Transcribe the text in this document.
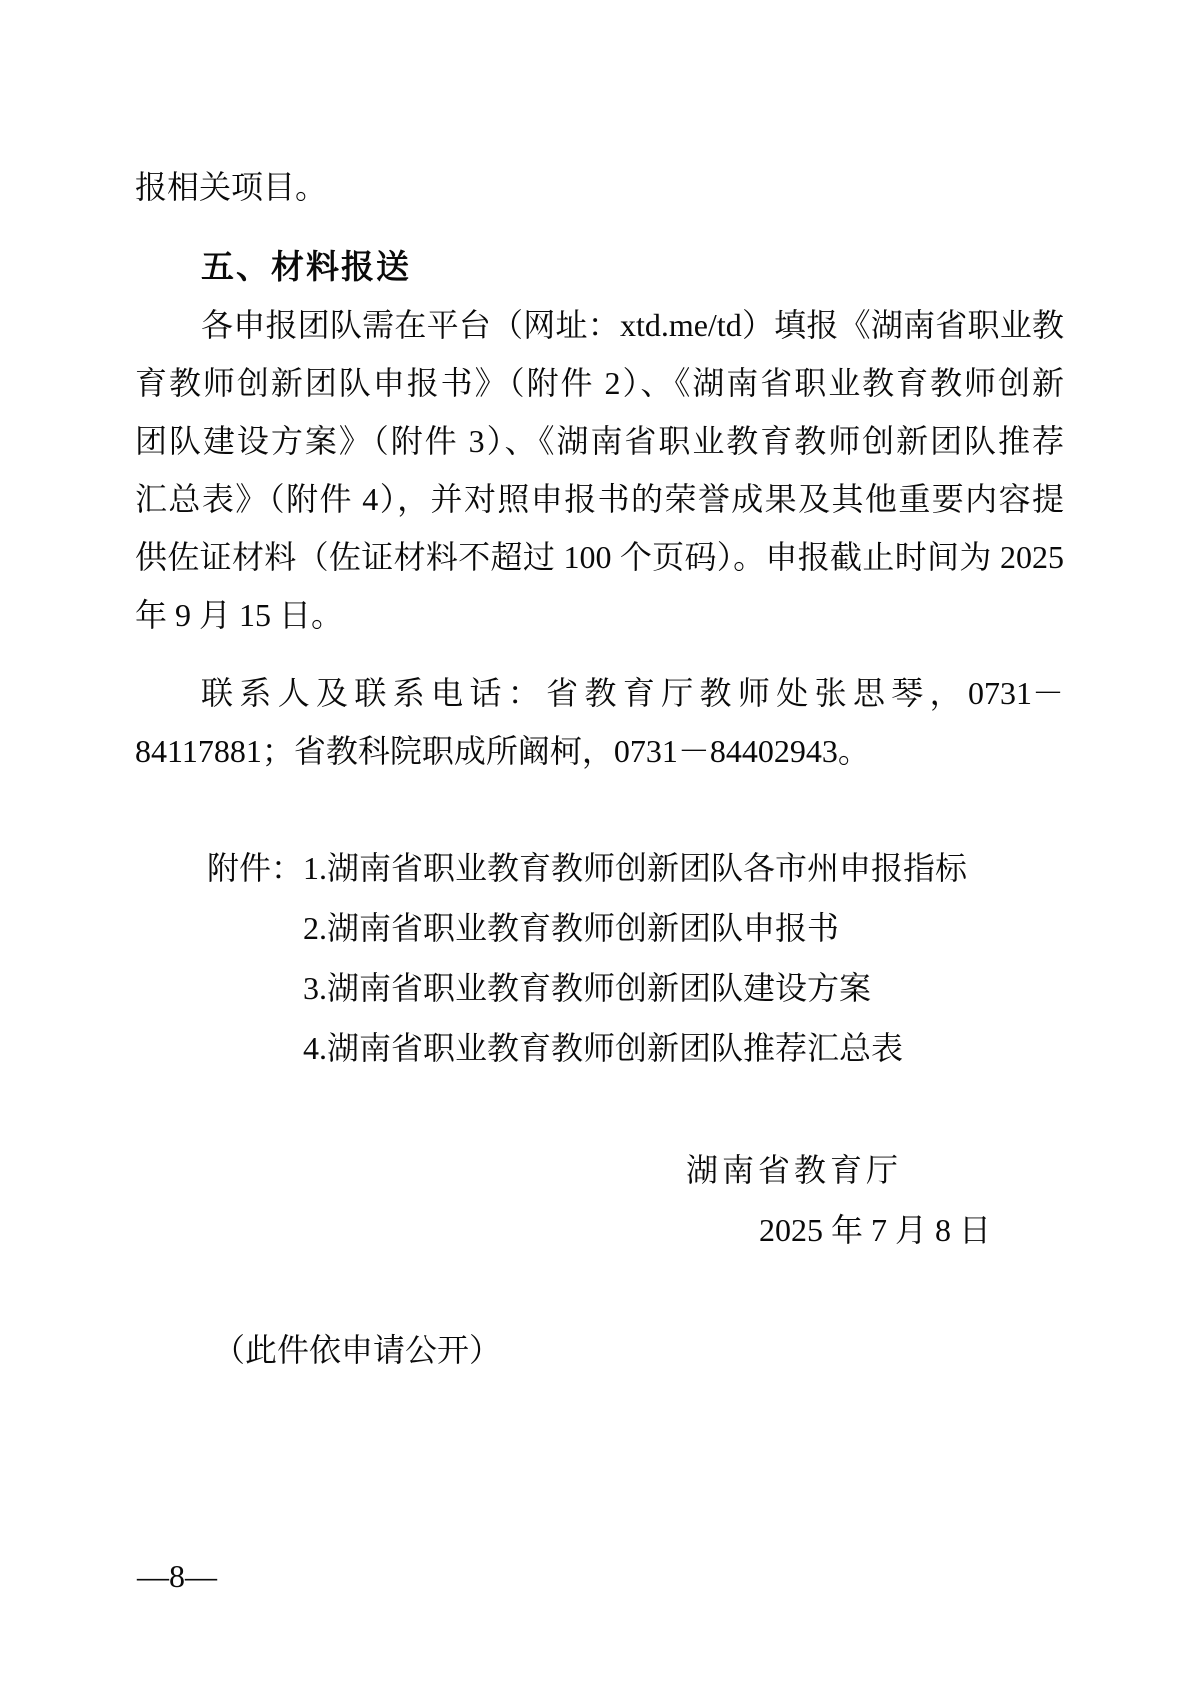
报相关项目。
五、材料报送
各申报团队需在平台（网址：xtd.me/td）填报《湖南省职业教
育教师创新团队申报书》（附件 2）、《湖南省职业教育教师创新
团队建设方案》（附件 3）、《湖南省职业教育教师创新团队推荐
汇总表》（附件 4），并对照申报书的荣誉成果及其他重要内容提
供佐证材料（佐证材料不超过 100 个页码）。申报截止时间为 2025
年 9 月 15 日。
联系人及联系电话：省教育厅教师处张思琴，0731－
84117881；省教科院职成所阚柯，0731－84402943。
附件：1.湖南省职业教育教师创新团队各市州申报指标
2.湖南省职业教育教师创新团队申报书
3.湖南省职业教育教师创新团队建设方案
4.湖南省职业教育教师创新团队推荐汇总表
湖南省教育厅
2025 年 7 月 8 日
（此件依申请公开）
—8—
